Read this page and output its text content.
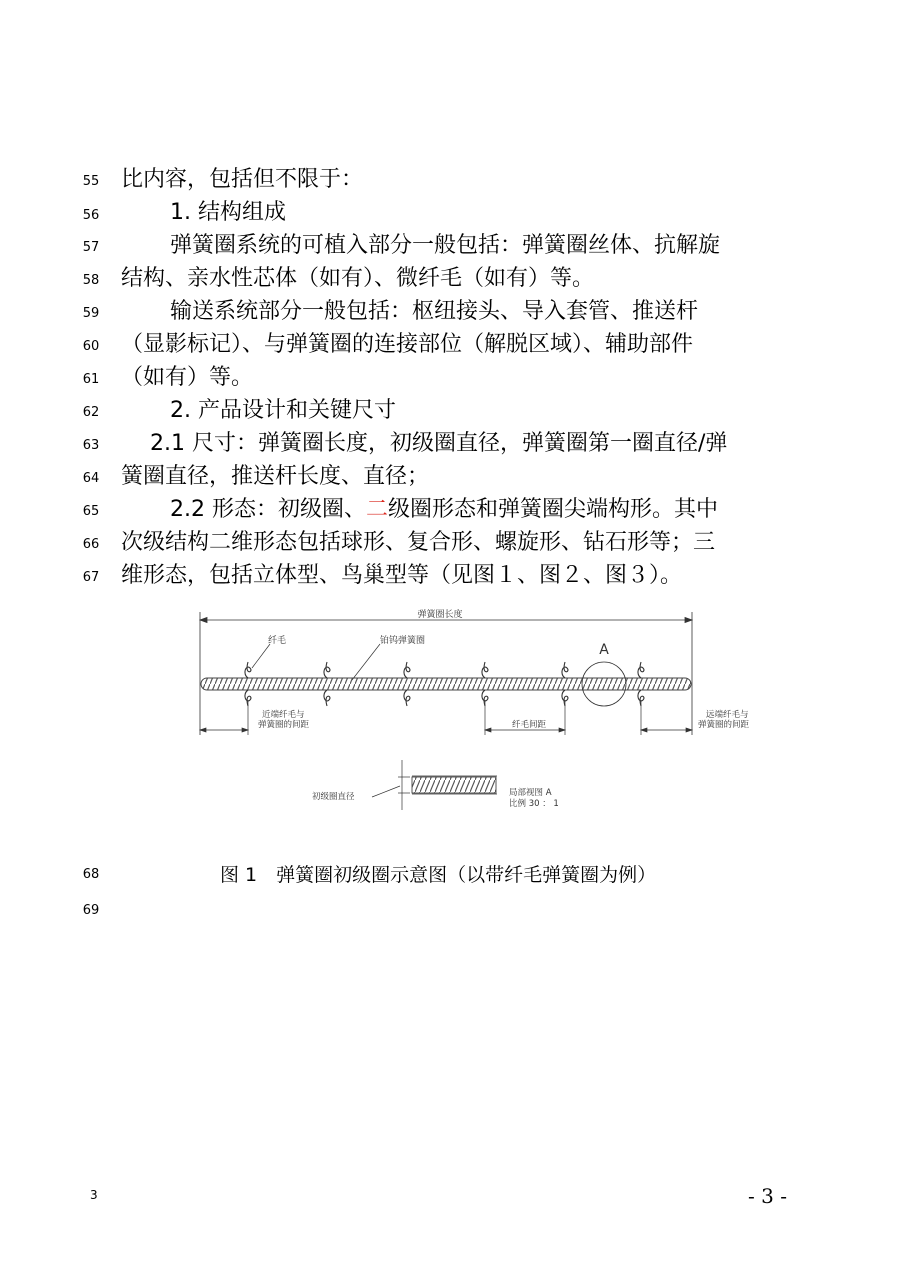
55
56
57
58
59
60
61
62
63
64
65
66
67
68
69
比内容，包括但不限于：
1. 结构组成
弹簧圈系统的可植入部分一般包括：弹簧圈丝体、抗解旋
结构、亲水性芯体（如有）、微纤毛（如有）等。
输送系统部分一般包括：枢纽接头、导入套管、推送杆
（显影标记）、与弹簧圈的连接部位（解脱区域）、辅助部件
（如有）等。
2. 产品设计和关键尺寸
2.1 尺寸：弹簧圈长度，初级圈直径，弹簧圈第一圈直径/弹
簧圈直径，推送杆长度、直径；
2.2 形态：初级圈、二级圈形态和弹簧圈尖端构形。其中
次级结构二维形态包括球形、复合形、螺旋形、钻石形等；三
维形态，包括立体型、鸟巢型等（见图１、图２、图３）。
弹簧圈长度
A
纤毛	铂钨弹簧圈
近端纤毛与
弹簧圈的间距	纤毛间距
远端纤毛与
弹簧圈的间距
初级圈直径	局部视图 A
比例 30 ： 1
图 1　弹簧圈初级圈示意图（以带纤毛弹簧圈为例）
3	- 3 -
